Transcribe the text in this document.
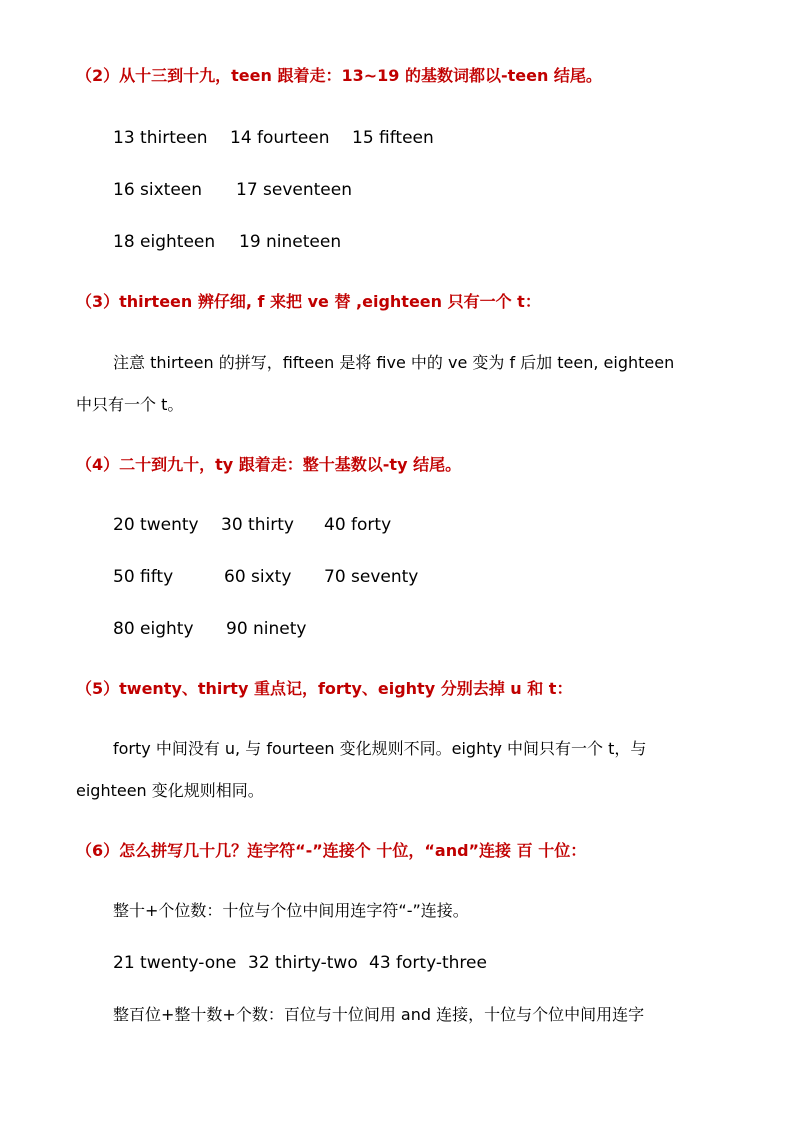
（2）从十三到十九，teen 跟着走：13~19 的基数词都以-teen 结尾。
13 thirteen 14 fourteen 15 fifteen
16 sixteen 17 seventeen
18 eighteen 19 nineteen
（3）thirteen 辨仔细, f 来把 ve 替 ,eighteen 只有一个 t：
注意 thirteen 的拼写，fifteen 是将 five 中的 ve 变为 f 后加 teen, eighteen
中只有一个 t。
（4）二十到九十，ty 跟着走：整十基数以-ty 结尾。
20 twenty 30 thirty 40 forty
50 fifty	60 sixty 70 seventy
80 eighty 90 ninety
（5）twenty、thirty 重点记，forty、eighty 分别去掉 u 和 t：
forty 中间没有 u, 与 fourteen 变化规则不同。eighty 中间只有一个 t，与
eighteen 变化规则相同。
（6）怎么拼写几十几？连字符“-”连接个 十位，“and”连接 百 十位：
整十+个位数：十位与个位中间用连字符“-”连接。
21 twenty-one 32 thirty-two 43 forty-three
整百位+整十数+个数：百位与十位间用 and 连接，十位与个位中间用连字
